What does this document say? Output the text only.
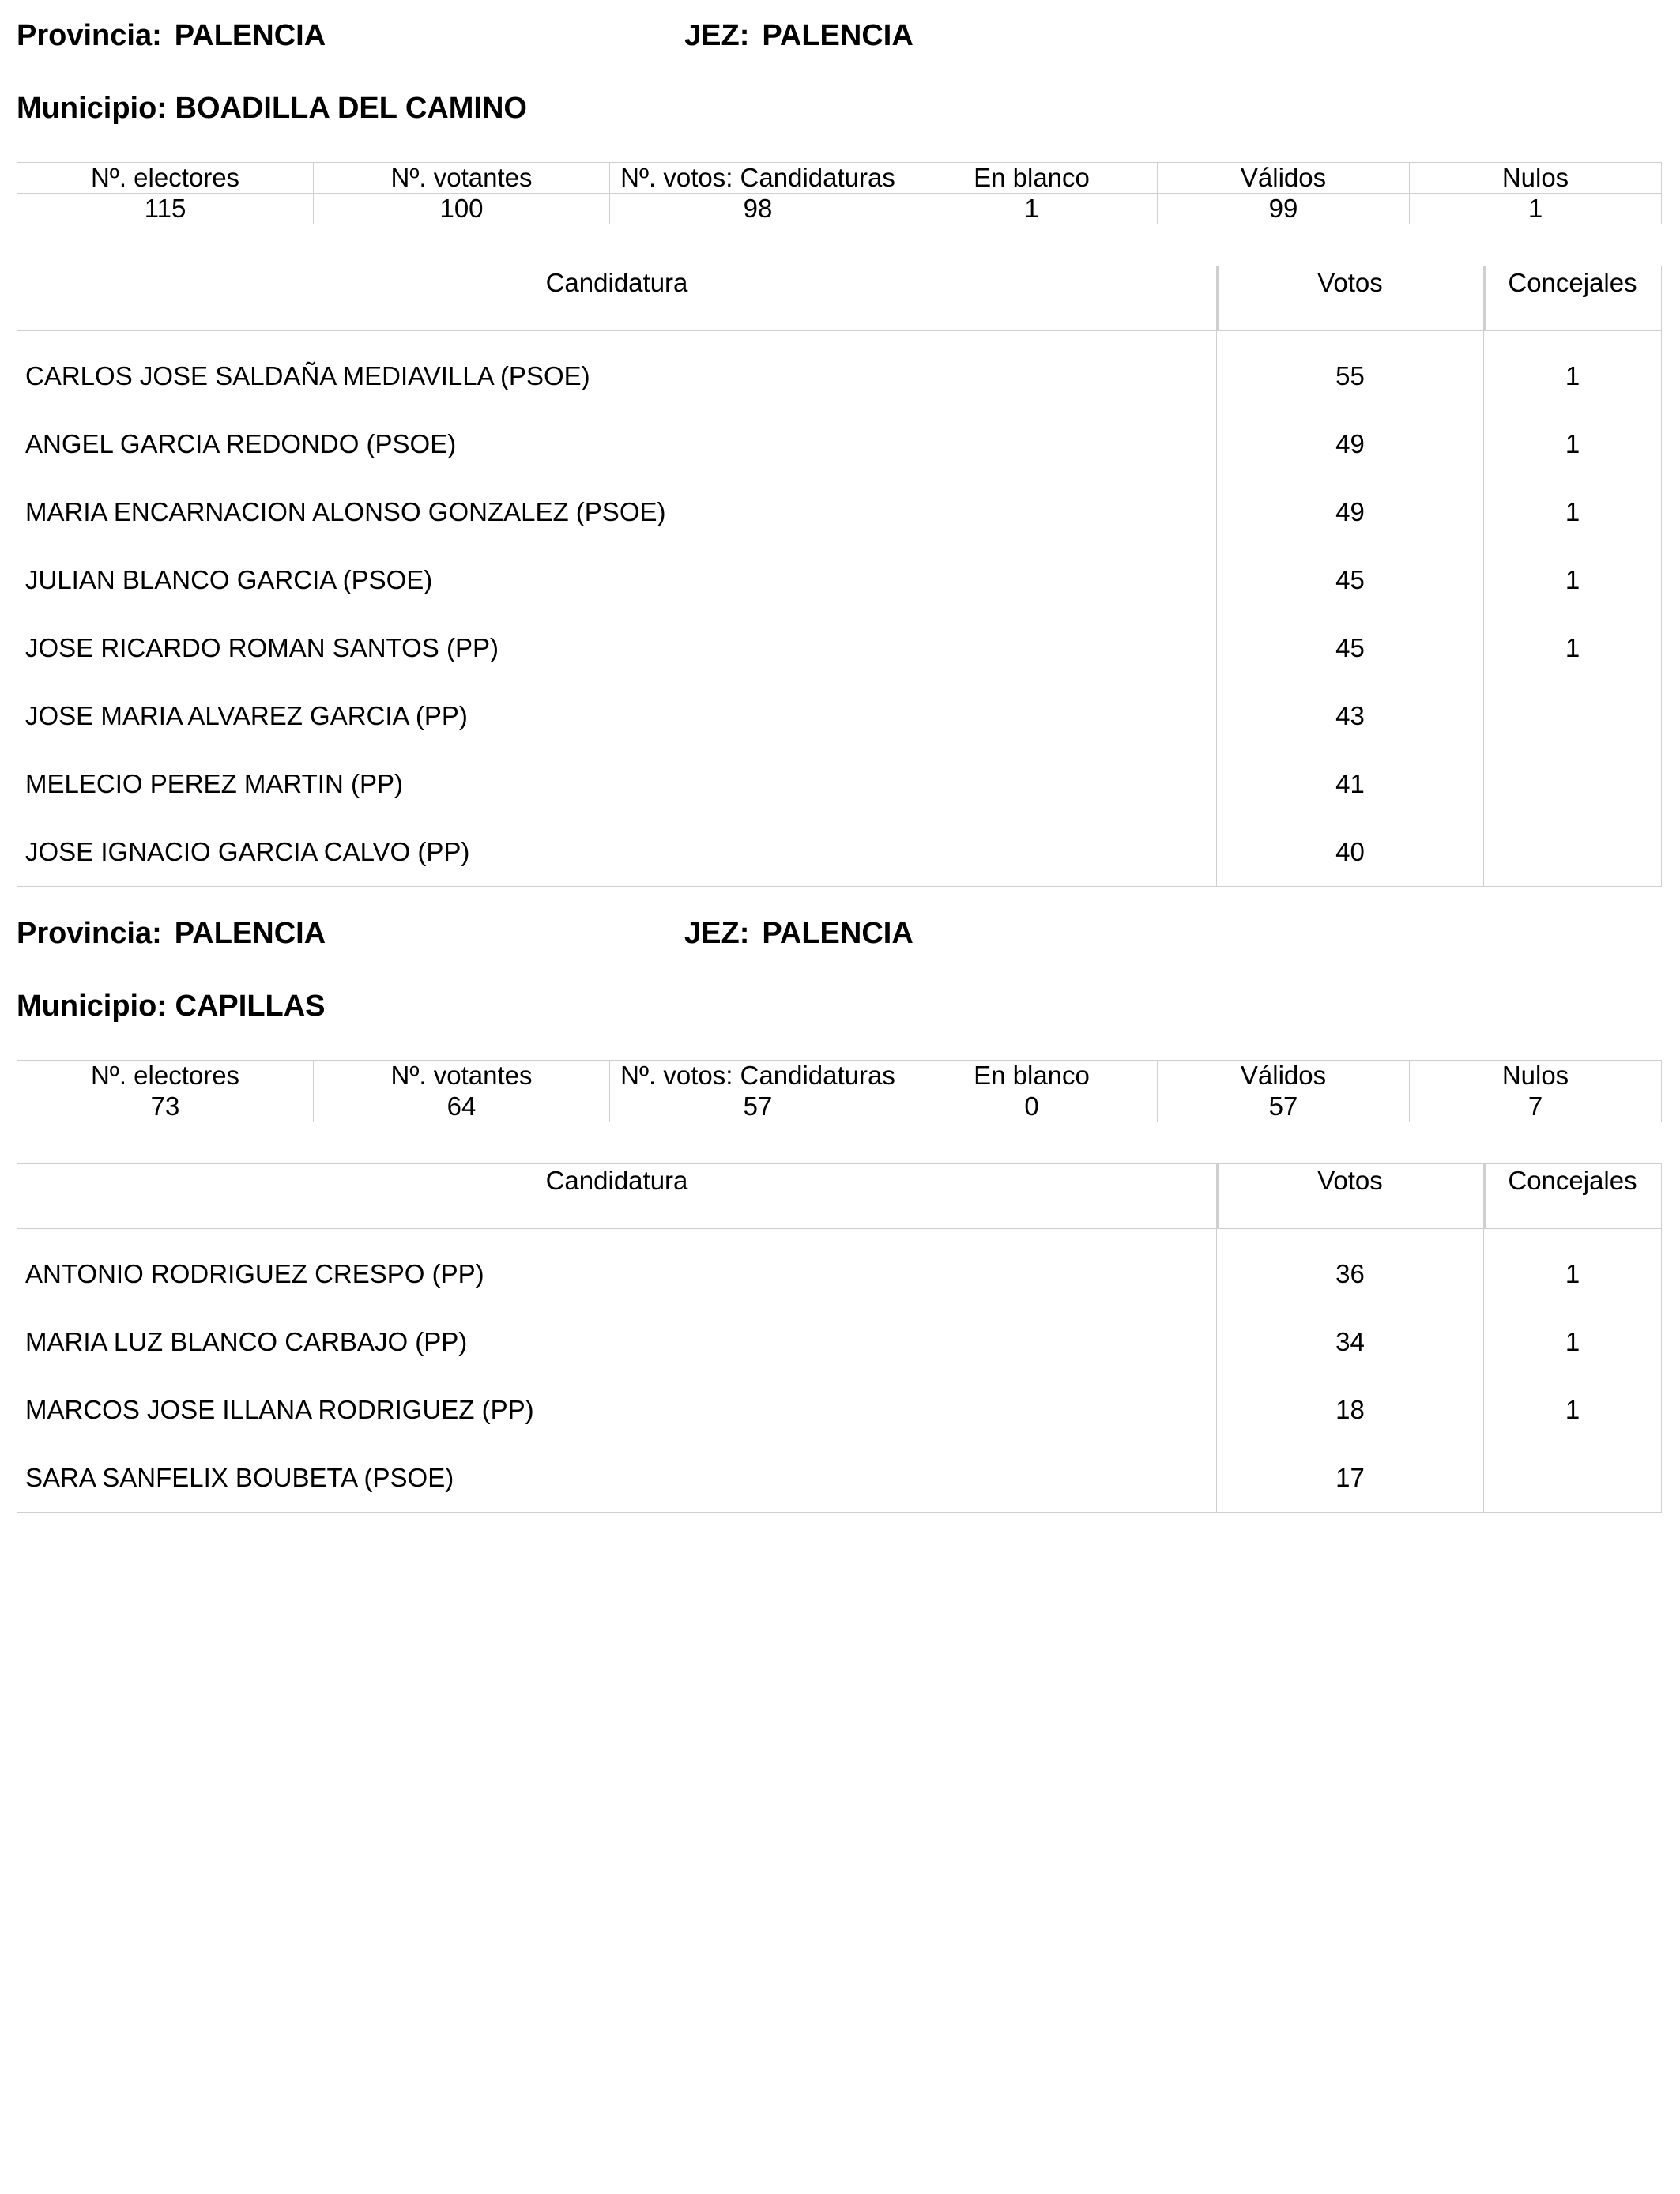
Provincia: PALENCIA	JEZ: PALENCIA
Municipio: BOADILLA DEL CAMINO
Nº. electores	Nº. votantes	Nº. votos: Candidaturas	En blanco	Válidos	Nulos
115	100	98	1	99	1
Candidatura	Votos	Concejales

CARLOS JOSE SALDAÑA MEDIAVILLA (PSOE)	55	1
ANGEL GARCIA REDONDO (PSOE)	49	1
MARIA ENCARNACION ALONSO GONZALEZ (PSOE)	49	1
JULIAN BLANCO GARCIA (PSOE)	45	1
JOSE RICARDO ROMAN SANTOS (PP)	45	1
JOSE MARIA ALVAREZ GARCIA (PP)	43	
MELECIO PEREZ MARTIN (PP)	41	
JOSE IGNACIO GARCIA CALVO (PP)	40	
Provincia: PALENCIA	JEZ: PALENCIA
Municipio: CAPILLAS
Nº. electores	Nº. votantes	Nº. votos: Candidaturas	En blanco	Válidos	Nulos
73	64	57	0	57	7
Candidatura	Votos	Concejales

ANTONIO RODRIGUEZ CRESPO (PP)	36	1
MARIA LUZ BLANCO CARBAJO (PP)	34	1
MARCOS JOSE ILLANA RODRIGUEZ (PP)	18	1
SARA SANFELIX BOUBETA (PSOE)	17	
